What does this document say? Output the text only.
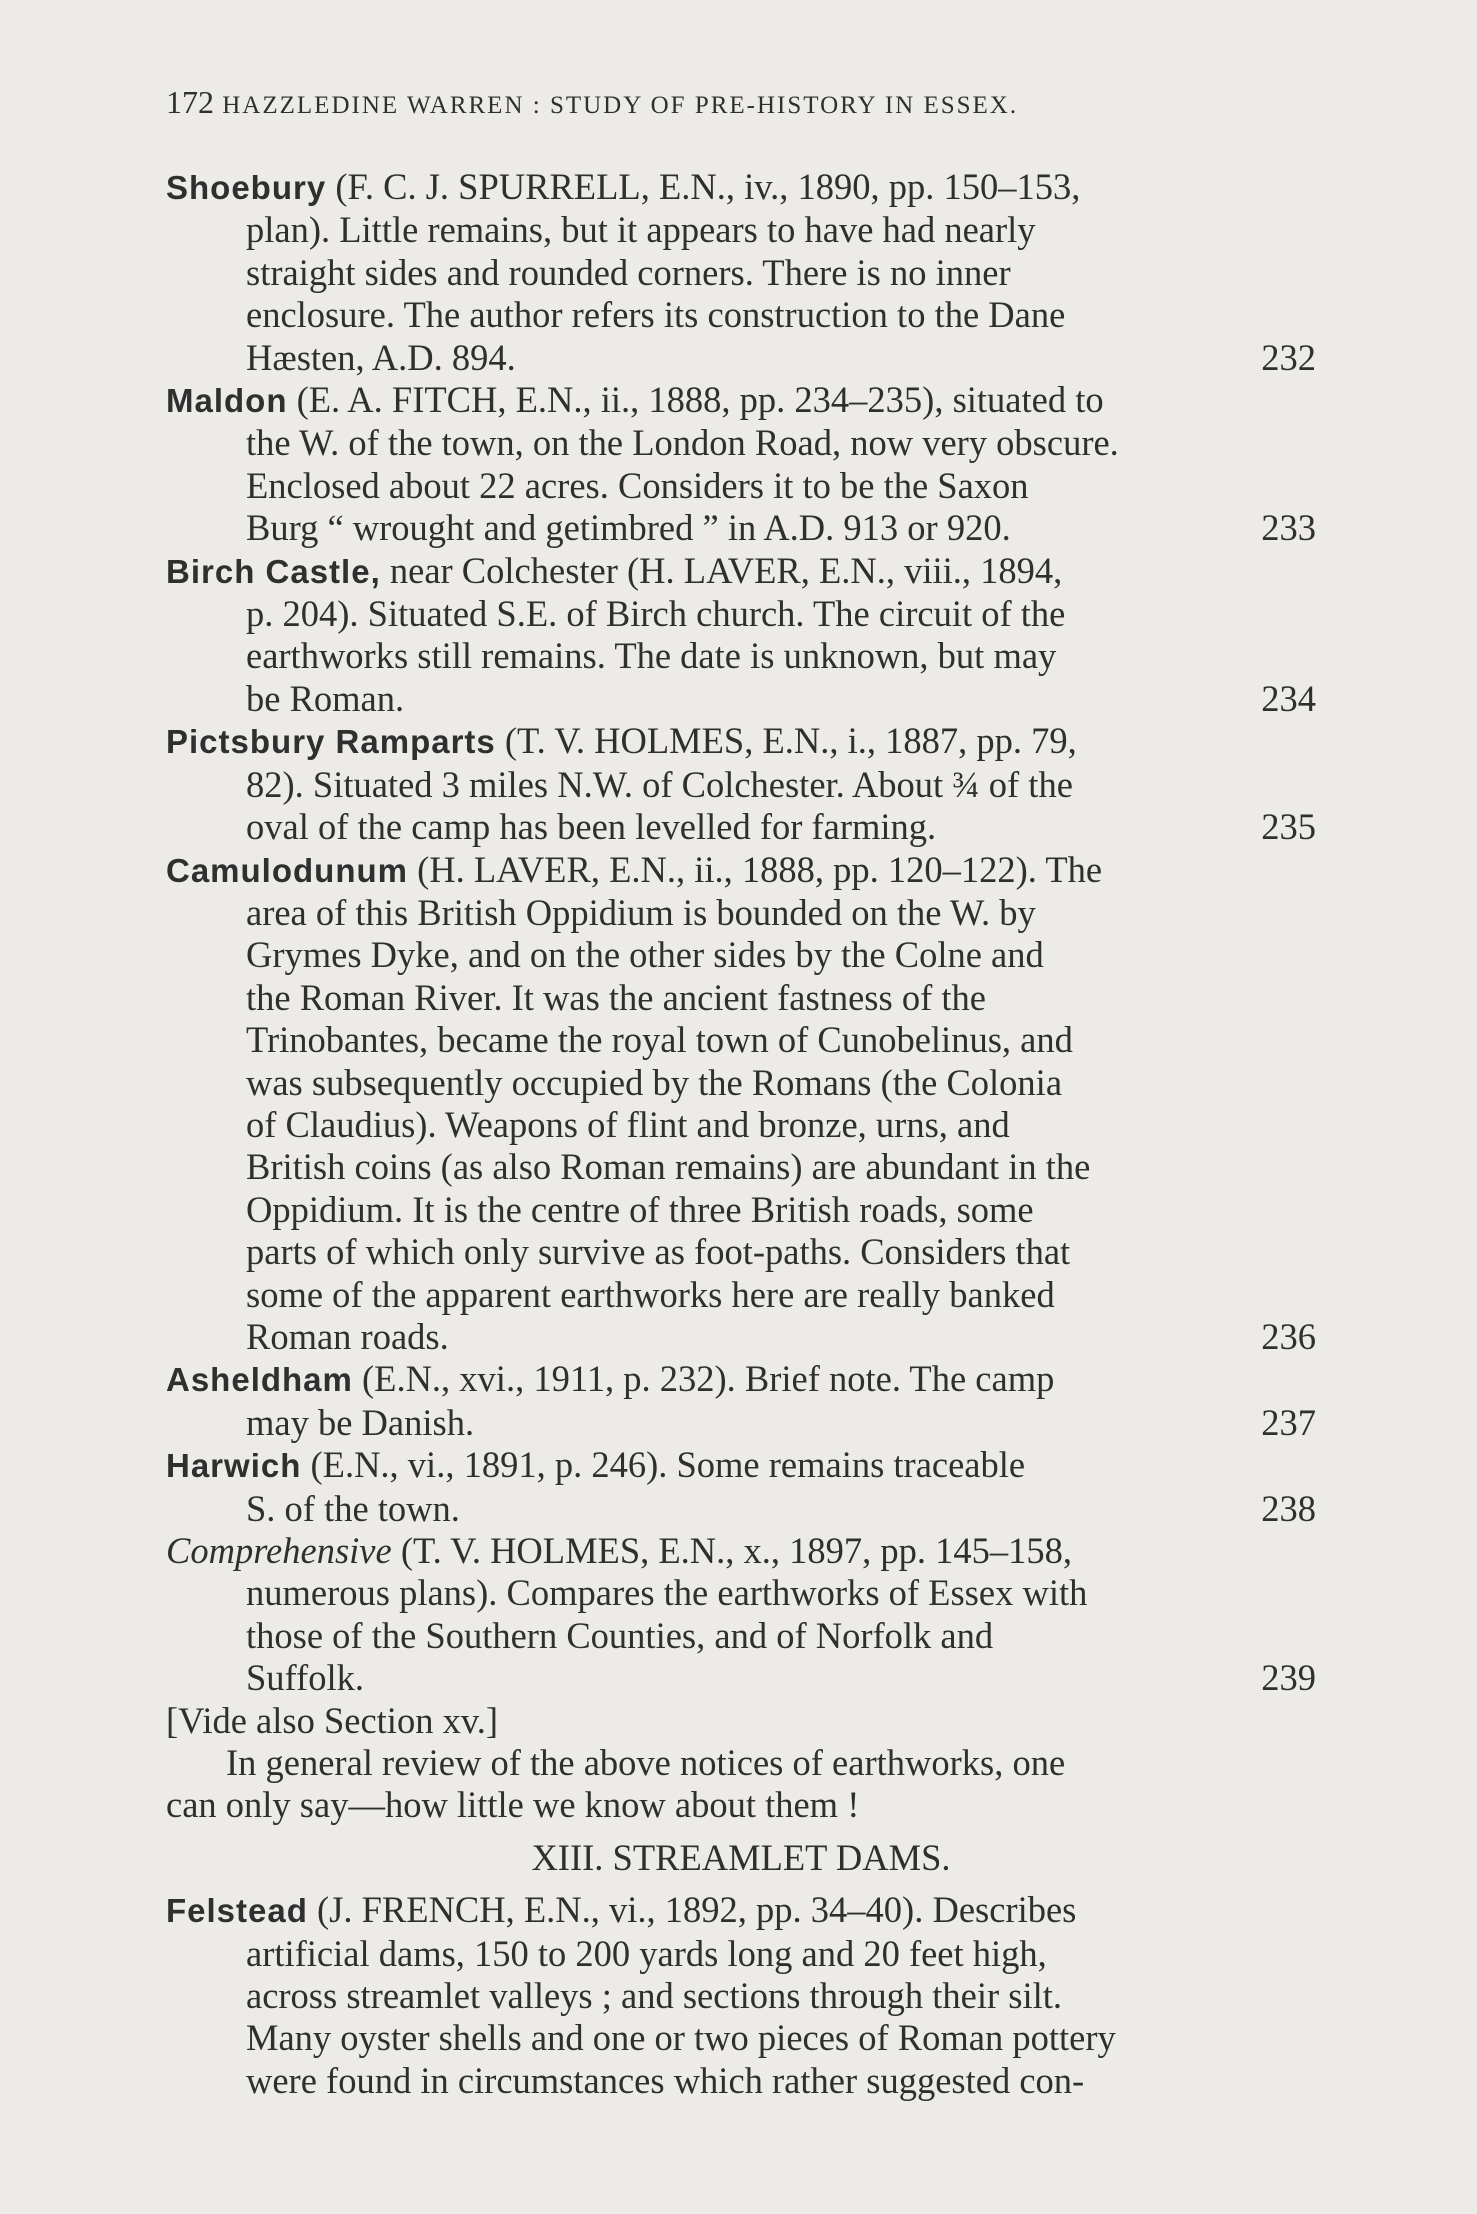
172 HAZZLEDINE WARREN : STUDY OF PRE-HISTORY IN ESSEX.
Shoebury (F. C. J. SPURRELL, E.N., iv., 1890, pp. 150–153,
plan). Little remains, but it appears to have had nearly
straight sides and rounded corners. There is no inner
enclosure. The author refers its construction to the Dane
Hæsten, A.D. 894.	232
Maldon (E. A. FITCH, E.N., ii., 1888, pp. 234–235), situated to
the W. of the town, on the London Road, now very obscure.
Enclosed about 22 acres. Considers it to be the Saxon
Burg “ wrought and getimbred ” in A.D. 913 or 920.	233
Birch Castle, near Colchester (H. LAVER, E.N., viii., 1894,
p. 204). Situated S.E. of Birch church. The circuit of the
earthworks still remains. The date is unknown, but may
be Roman.	234
Pictsbury Ramparts (T. V. HOLMES, E.N., i., 1887, pp. 79,
82). Situated 3 miles N.W. of Colchester. About ¾ of the
oval of the camp has been levelled for farming.	235
Camulodunum (H. LAVER, E.N., ii., 1888, pp. 120–122). The
area of this British Oppidium is bounded on the W. by
Grymes Dyke, and on the other sides by the Colne and
the Roman River. It was the ancient fastness of the
Trinobantes, became the royal town of Cunobelinus, and
was subsequently occupied by the Romans (the Colonia
of Claudius). Weapons of flint and bronze, urns, and
British coins (as also Roman remains) are abundant in the
Oppidium. It is the centre of three British roads, some
parts of which only survive as foot-paths. Considers that
some of the apparent earthworks here are really banked
Roman roads.	236
Asheldham (E.N., xvi., 1911, p. 232). Brief note. The camp
may be Danish.	237
Harwich (E.N., vi., 1891, p. 246). Some remains traceable
S. of the town.	238
Comprehensive (T. V. HOLMES, E.N., x., 1897, pp. 145–158,
numerous plans). Compares the earthworks of Essex with
those of the Southern Counties, and of Norfolk and
Suffolk.	239
[Vide also Section xv.]
In general review of the above notices of earthworks, one
can only say—how little we know about them !
XIII. STREAMLET DAMS.
Felstead (J. FRENCH, E.N., vi., 1892, pp. 34–40). Describes
artificial dams, 150 to 200 yards long and 20 feet high,
across streamlet valleys ; and sections through their silt.
Many oyster shells and one or two pieces of Roman pottery
were found in circumstances which rather suggested con-
